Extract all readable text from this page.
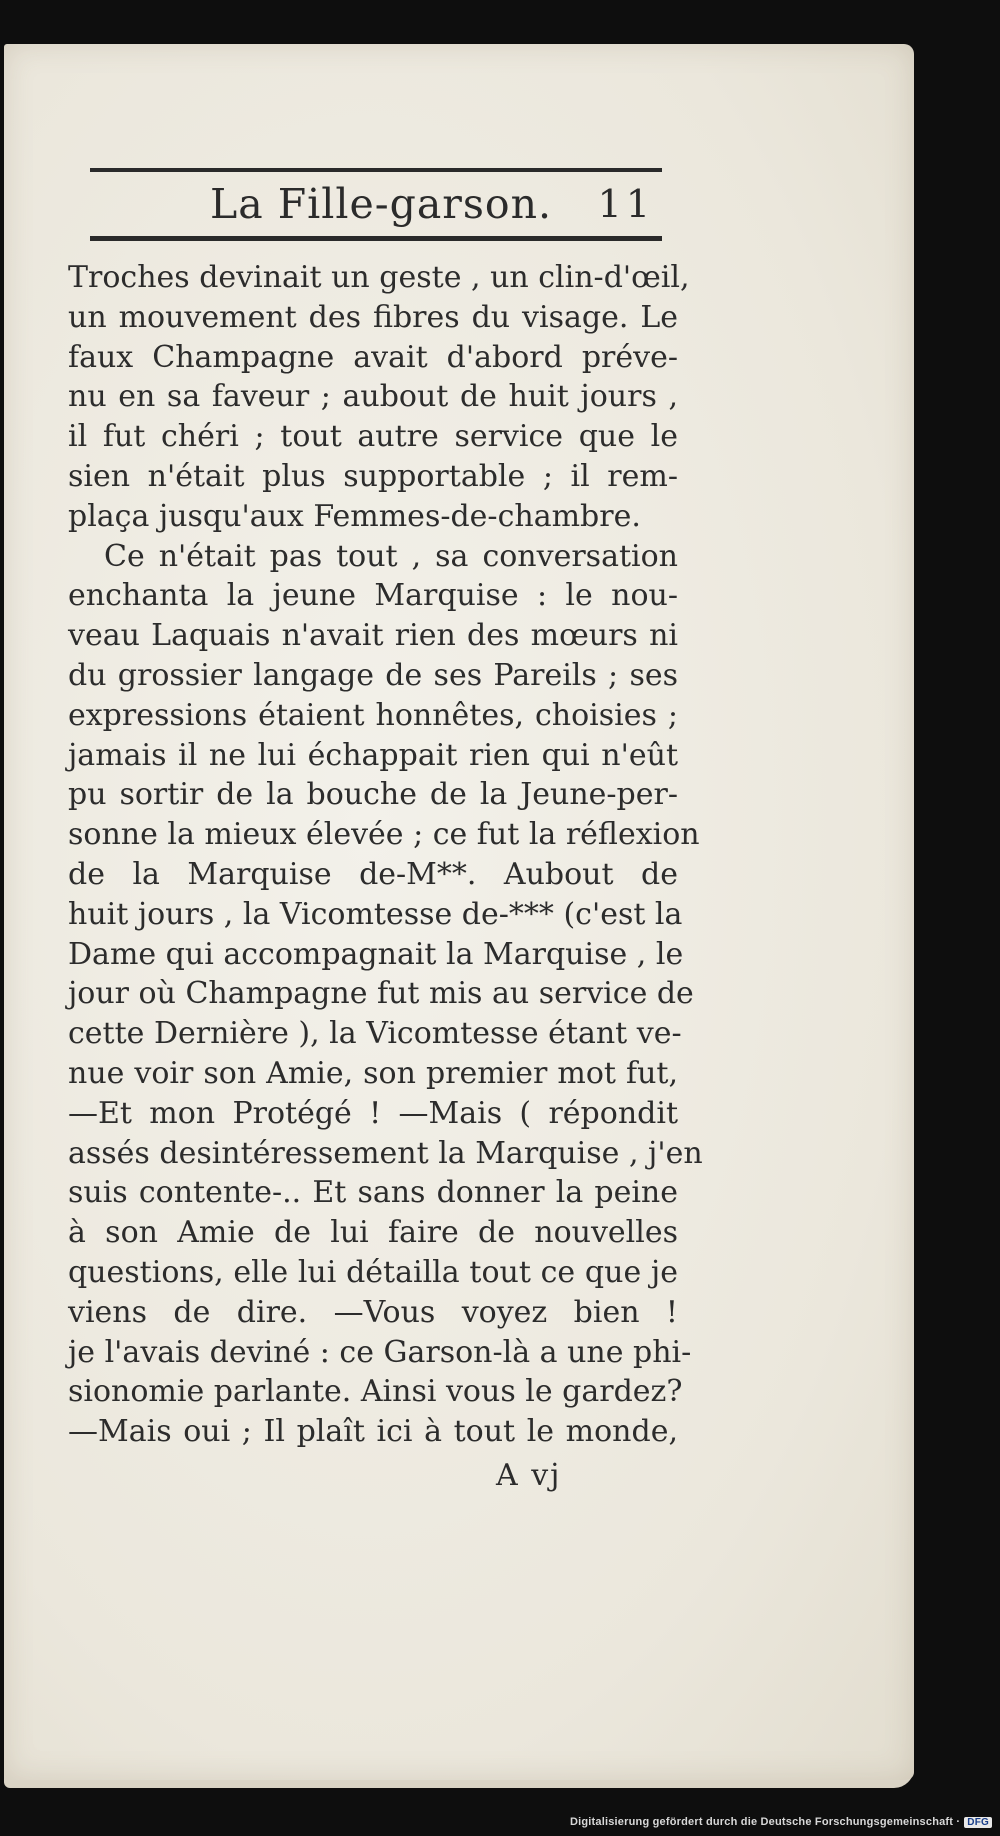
La Fille-garson. 11
Troches devinait un geste , un clin-d'œil,
un mouvement des fibres du visage. Le
faux Champagne avait d'abord préve-
nu en sa faveur ; aubout de huit jours ,
il fut chéri ; tout autre service que le
sien n'était plus supportable ; il rem-
plaça jusqu'aux Femmes-de-chambre.
Ce n'était pas tout , sa conversation
enchanta la jeune Marquise : le nou-
veau Laquais n'avait rien des mœurs ni
du grossier langage de ses Pareils ; ses
expressions étaient honnêtes, choisies ;
jamais il ne lui échappait rien qui n'eût
pu sortir de la bouche de la Jeune-per-
sonne la mieux élevée ; ce fut la réflexion
de la Marquise de-M**. Aubout de
huit jours , la Vicomtesse de-*** (c'est la
Dame qui accompagnait la Marquise , le
jour où Champagne fut mis au service de
cette Dernière ), la Vicomtesse étant ve-
nue voir son Amie, son premier mot fut,
—Et mon Protégé ! —Mais ( répondit
assés desintéressement la Marquise , j'en
suis contente-.. Et sans donner la peine
à son Amie de lui faire de nouvelles
questions, elle lui détailla tout ce que je
viens de dire. —Vous voyez bien !
je l'avais deviné : ce Garson-là a une phi-
sionomie parlante. Ainsi vous le gardez?
—Mais oui ; Il plaît ici à tout le monde,
A vj
Digitalisierung gefördert durch die Deutsche Forschungsgemeinschaft · DFG
